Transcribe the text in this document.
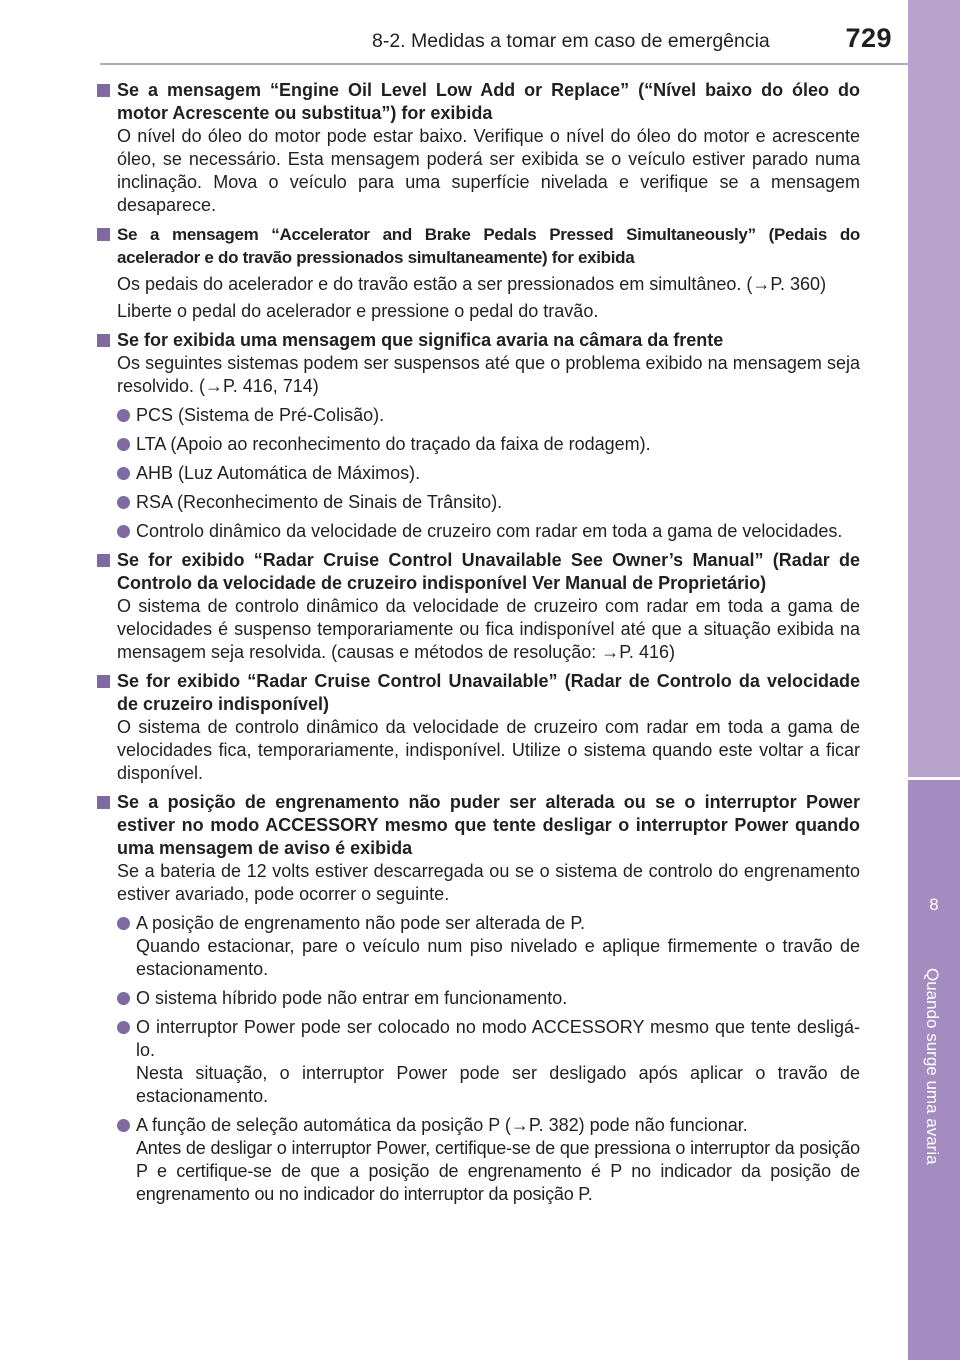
8-2. Medidas a tomar em caso de emergência	729
8
Quando surge uma avaria
Se a mensagem “Engine Oil Level Low Add or Replace” (“Nível baixo do óleo do motor Acrescente ou substitua”) for exibida
O nível do óleo do motor pode estar baixo. Verifique o nível do óleo do motor e acrescente óleo, se necessário. Esta mensagem poderá ser exibida se o veículo estiver parado numa inclinação. Mova o veículo para uma superfície nivelada e verifique se a mensagem desaparece.
Se a mensagem “Accelerator and Brake Pedals Pressed Simultaneously” (Pedais do acelerador e do travão pressionados simultaneamente) for exibida
Os pedais do acelerador e do travão estão a ser pressionados em simultâneo. (→P. 360)
Liberte o pedal do acelerador e pressione o pedal do travão.
Se for exibida uma mensagem que significa avaria na câmara da frente
Os seguintes sistemas podem ser suspensos até que o problema exibido na mensagem seja resolvido. (→P. 416, 714)
PCS (Sistema de Pré-Colisão).
LTA (Apoio ao reconhecimento do traçado da faixa de rodagem).
AHB (Luz Automática de Máximos).
RSA (Reconhecimento de Sinais de Trânsito).
Controlo dinâmico da velocidade de cruzeiro com radar em toda a gama de velocidades.
Se for exibido “Radar Cruise Control Unavailable See Owner’s Manual” (Radar de Controlo da velocidade de cruzeiro indisponível Ver Manual de Proprietário)
O sistema de controlo dinâmico da velocidade de cruzeiro com radar em toda a gama de velocidades é suspenso temporariamente ou fica indisponível até que a situação exibida na mensagem seja resolvida. (causas e métodos de resolução: →P. 416)
Se for exibido “Radar Cruise Control Unavailable” (Radar de Controlo da velocidade de cruzeiro indisponível)
O sistema de controlo dinâmico da velocidade de cruzeiro com radar em toda a gama de velocidades fica, temporariamente, indisponível. Utilize o sistema quando este voltar a ficar disponível.
Se a posição de engrenamento não puder ser alterada ou se o interruptor Power estiver no modo ACCESSORY mesmo que tente desligar o interruptor Power quando uma mensagem de aviso é exibida
Se a bateria de 12 volts estiver descarregada ou se o sistema de controlo do engrenamento estiver avariado, pode ocorrer o seguinte.
A posição de engrenamento não pode ser alterada de P.
Quando estacionar, pare o veículo num piso nivelado e aplique firmemente o travão de estacionamento.
O sistema híbrido pode não entrar em funcionamento.
O interruptor Power pode ser colocado no modo ACCESSORY mesmo que tente desligá-lo.
Nesta situação, o interruptor Power pode ser desligado após aplicar o travão de estacionamento.
A função de seleção automática da posição P (→P. 382) pode não funcionar.
Antes de desligar o interruptor Power, certifique-se de que pressiona o interruptor da posição P e certifique-se de que a posição de engrenamento é P no indicador da posição de engrenamento ou no indicador do interruptor da posição P.
